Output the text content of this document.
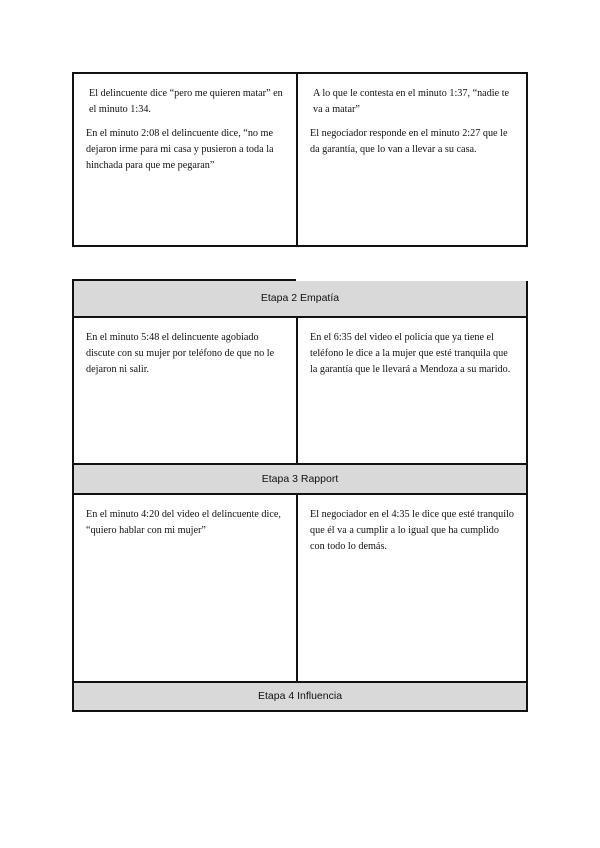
El delincuente dice “pero me quieren matar” en el minuto 1:34.

En el minuto 2:08 el delincuente dice, “no me dejaron irme para mi casa y pusieron a toda la hinchada para que me pegaran”

A lo que le contesta en el minuto 1:37, “nadie te va a matar”

El negociador responde en el minuto 2:27 que le da garantía, que lo van a llevar a su casa.

Etapa 2 Empatía
En el minuto 5:48 el delincuente agobiado discute con su mujer por teléfono de que no le dejaron ni salir.
En el 6:35 del video el policía que ya tiene el teléfono le dice a la mujer que esté tranquila que la garantía que le llevará a Mendoza a su marido.
Etapa 3 Rapport
En el minuto 4:20 del video el delincuente dice, “quiero hablar con mi mujer”
El negociador en el 4:35 le dice que esté tranquilo que él va a cumplir a lo igual que ha cumplido con todo lo demás.
Etapa 4 Influencia
